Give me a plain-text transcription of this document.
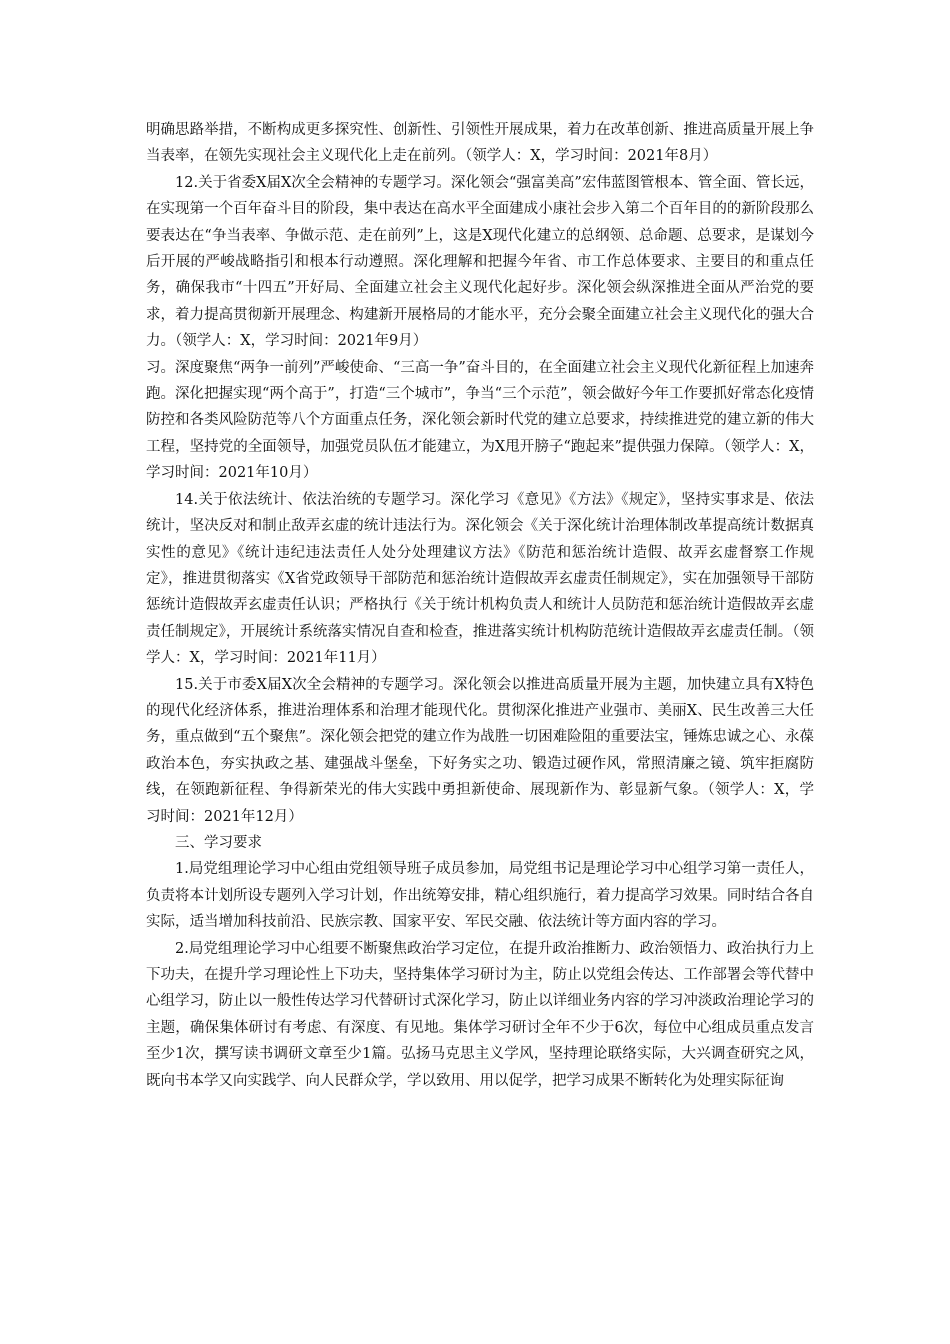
明确思路举措，不断构成更多探究性、创新性、引领性开展成果，着力在改革创新、推进高质量开展上争当表率，在领先实现社会主义现代化上走在前列。（领学人：X，学习时间：2021年8月）

12.关于省委X届X次全会精神的专题学习。深化领会“强富美高”宏伟蓝图管根本、管全面、管长远，在实现第一个百年奋斗目的阶段，集中表达在高水平全面建成小康社会步入第二个百年目的的新阶段那么要表达在“争当表率、争做示范、走在前列”上，这是X现代化建立的总纲领、总命题、总要求，是谋划今后开展的严峻战略指引和根本行动遵照。深化理解和把握今年省、市工作总体要求、主要目的和重点任务，确保我市“十四五”开好局、全面建立社会主义现代化起好步。深化领会纵深推进全面从严治党的要求，着力提高贯彻新开展理念、构建新开展格局的才能水平，充分会聚全面建立社会主义现代化的强大合力。（领学人：X，学习时间：2021年9月）

习。深度聚焦“两争一前列”严峻使命、“三高一争”奋斗目的，在全面建立社会主义现代化新征程上加速奔跑。深化把握实现“两个高于”，打造“三个城市”，争当“三个示范”，领会做好今年工作要抓好常态化疫情防控和各类风险防范等八个方面重点任务，深化领会新时代党的建立总要求，持续推进党的建立新的伟大工程，坚持党的全面领导，加强党员队伍才能建立，为X甩开膀子“跑起来”提供强力保障。（领学人：X，学习时间：2021年10月）

14.关于依法统计、依法治统的专题学习。深化学习《意见》《方法》《规定》，坚持实事求是、依法统计，坚决反对和制止敌弄玄虚的统计违法行为。深化领会《关于深化统计治理体制改革提高统计数据真实性的意见》《统计违纪违法责任人处分处理建议方法》《防范和惩治统计造假、故弄玄虚督察工作规定》，推进贯彻落实《X省党政领导干部防范和惩治统计造假故弄玄虚责任制规定》，实在加强领导干部防惩统计造假故弄玄虚责任认识；严格执行《关于统计机构负责人和统计人员防范和惩治统计造假故弄玄虚责任制规定》，开展统计系统落实情况自查和检查，推进落实统计机构防范统计造假故弄玄虚责任制。（领学人：X，学习时间：2021年11月）

15.关于市委X届X次全会精神的专题学习。深化领会以推进高质量开展为主题，加快建立具有X特色的现代化经济体系，推进治理体系和治理才能现代化。贯彻深化推进产业强市、美丽X、民生改善三大任务，重点做到“五个聚焦”。深化领会把党的建立作为战胜一切困难险阻的重要法宝，锤炼忠诚之心、永葆政治本色，夯实执政之基、建强战斗堡垒，下好务实之功、锻造过硬作风，常照清廉之镜、筑牢拒腐防线，在领跑新征程、争得新荣光的伟大实践中勇担新使命、展现新作为、彰显新气象。（领学人：X，学习时间：2021年12月）

三、学习要求

1.局党组理论学习中心组由党组领导班子成员参加，局党组书记是理论学习中心组学习第一责任人，负责将本计划所设专题列入学习计划，作出统筹安排，精心组织施行，着力提高学习效果。同时结合各自实际，适当增加科技前沿、民族宗教、国家平安、军民交融、依法统计等方面内容的学习。

2.局党组理论学习中心组要不断聚焦政治学习定位，在提升政治推断力、政治领悟力、政治执行力上下功夫，在提升学习理论性上下功夫，坚持集体学习研讨为主，防止以党组会传达、工作部署会等代替中心组学习，防止以一般性传达学习代替研讨式深化学习，防止以详细业务内容的学习冲淡政治理论学习的主题，确保集体研讨有考虑、有深度、有见地。集体学习研讨全年不少于6次，每位中心组成员重点发言至少1次，撰写读书调研文章至少1篇。弘扬马克思主义学风，坚持理论联络实际，大兴调查研究之风，既向书本学又向实践学、向人民群众学，学以致用、用以促学，把学习成果不断转化为处理实际征询
